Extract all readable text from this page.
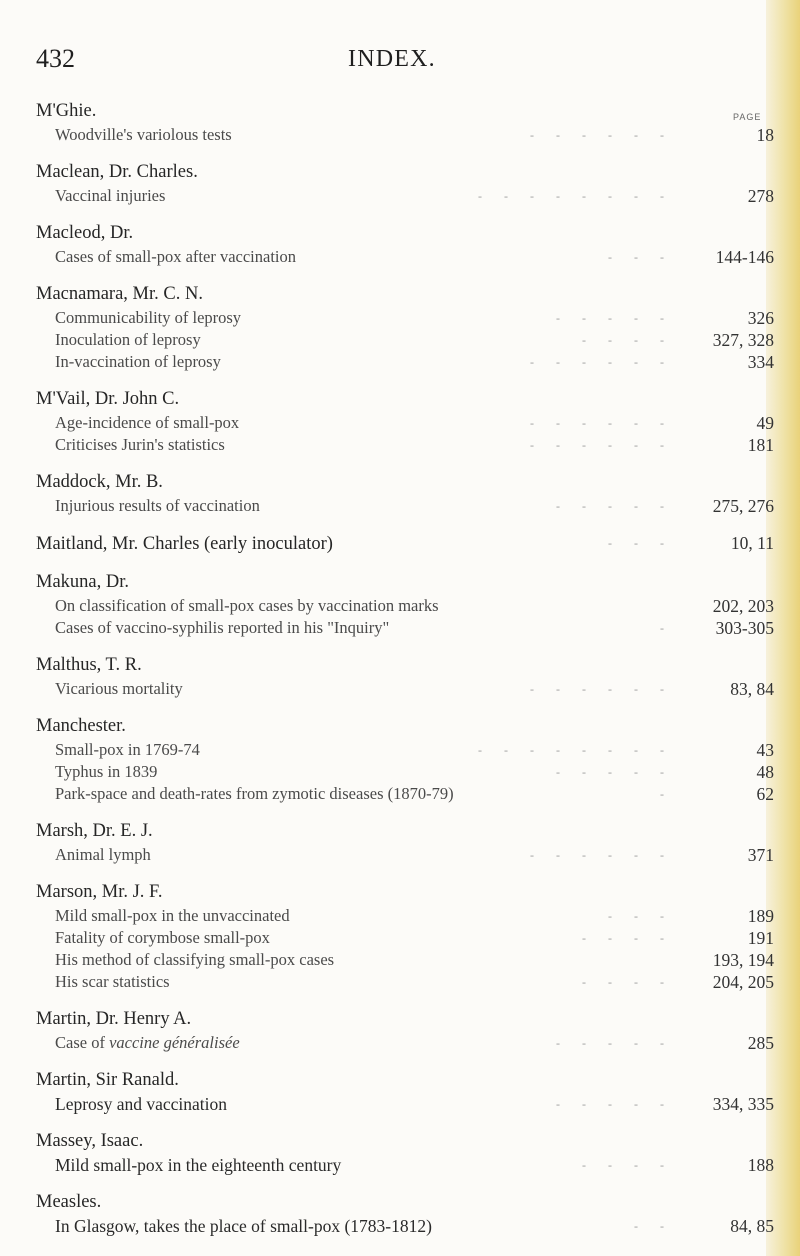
432	INDEX.
PAGE
M'Ghie.
Woodville's variolous tests	------	18
Maclean, Dr. Charles.
Vaccinal injuries	--------	278
Macleod, Dr.
Cases of small-pox after vaccination	--- 144-146
Macnamara, Mr. C. N.
Communicability of leprosy	-----	326
Inoculation of leprosy	---- 327, 328
In-vaccination of leprosy	------	334
M'Vail, Dr. John C.
Age-incidence of small-pox	------	49
Criticises Jurin's statistics	------	181
Maddock, Mr. B.
Injurious results of vaccination	----- 275, 276
Maitland, Mr. Charles (early inoculator)	---	10, 11
Makuna, Dr.
On classification of small-pox cases by vaccination marks	202, 203
Cases of vaccino-syphilis reported in his "Inquiry"	- 303-305
Malthus, T. R.
Vicarious mortality	------	83, 84
Manchester.
Small-pox in 1769-74	--------	43
Typhus in 1839	-----	48
Park-space and death-rates from zymotic diseases (1870-79)	-	62
Marsh, Dr. E. J.
Animal lymph	------	371
Marson, Mr. J. F.
Mild small-pox in the unvaccinated	---	189
Fatality of corymbose small-pox	----	191
His method of classifying small-pox cases	193, 194
His scar statistics	---- 204, 205
Martin, Dr. Henry A.
Case of vaccine généralisée	-----	285
Martin, Sir Ranald.
Leprosy and vaccination	----- 334, 335
Massey, Isaac.
Mild small-pox in the eighteenth century	----	188
Measles.
In Glasgow, takes the place of small-pox (1783-1812)	--	84, 85
